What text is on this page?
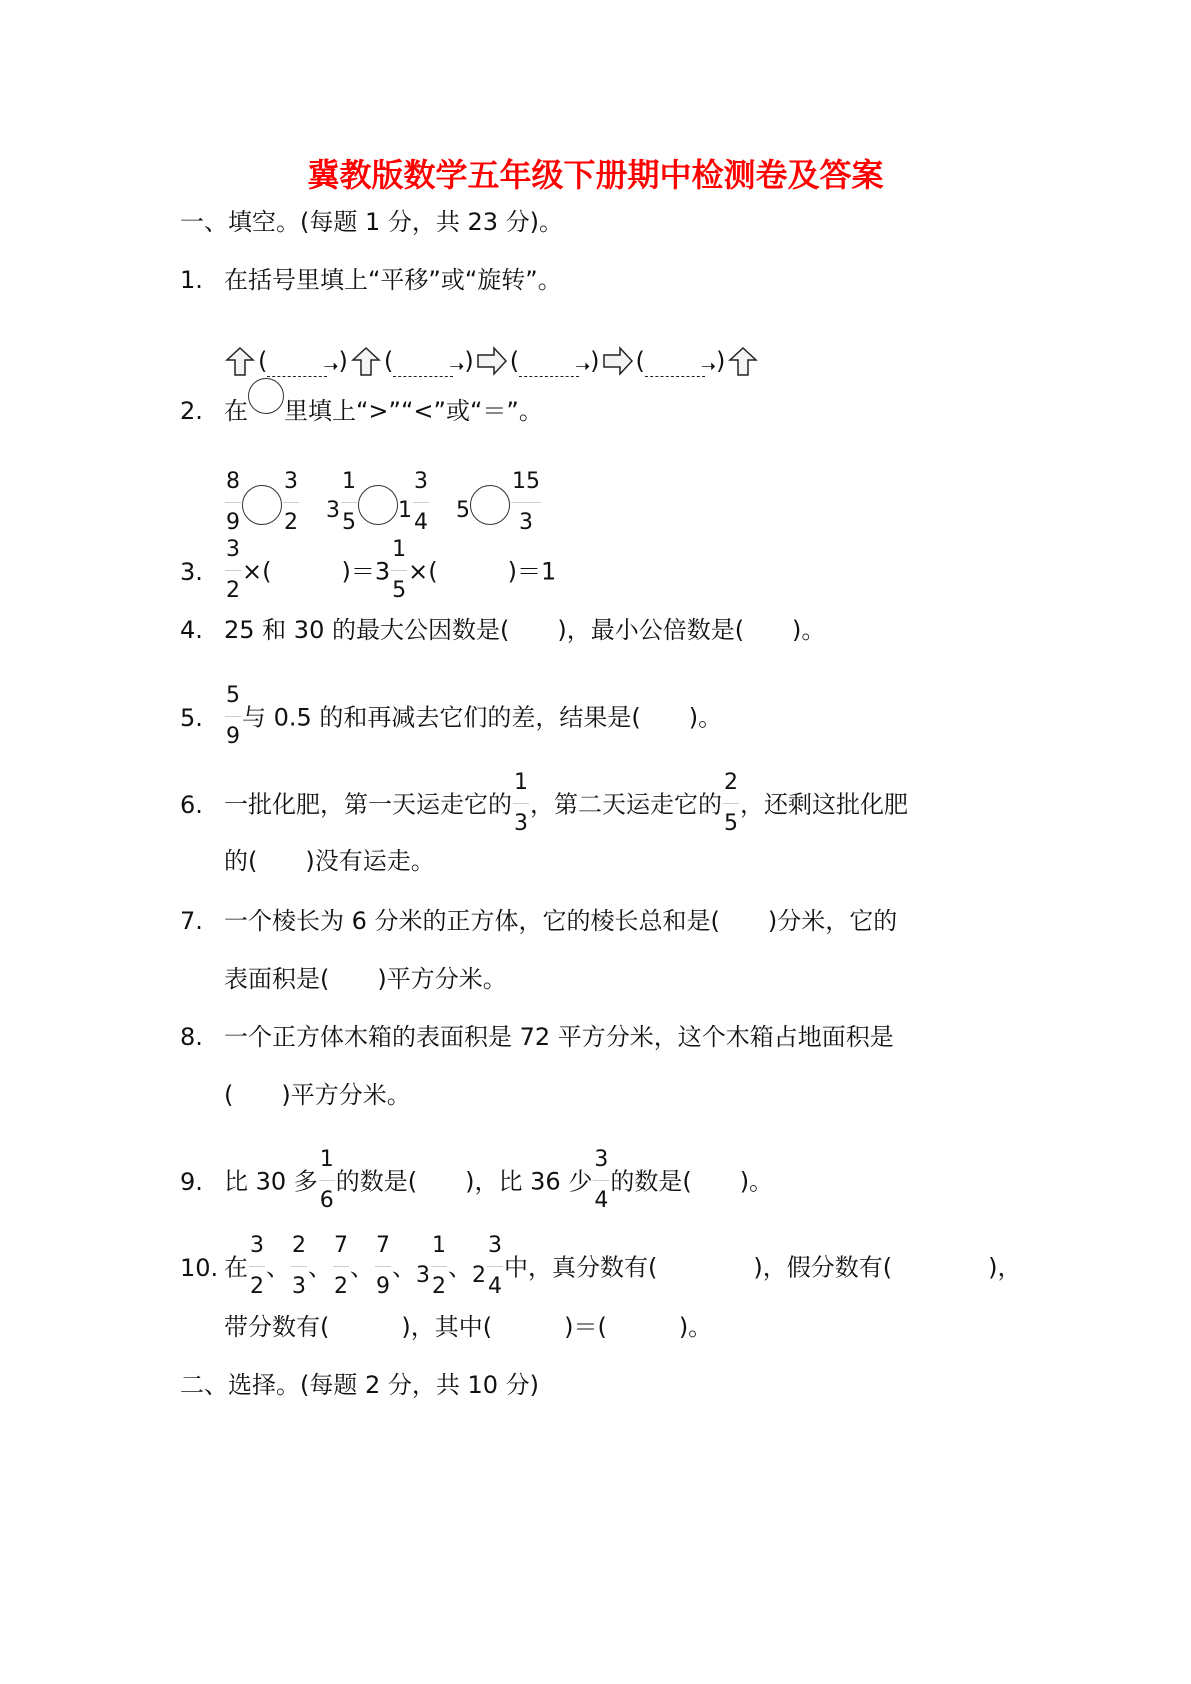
冀教版数学五年级下册期中检测卷及答案
一、填空。(每题 1 分，共 23 分)。
1. 在括号里填上“平移”或“旋转”。
(	➝ ) (	➝ ) (	➝ ) (	➝ )
2. 在 里填上“>”“<”或“＝”。
$\frac{8}{9} \frac{3}{2} 3 \frac{1}{5} 1 \frac{3}{4} 5 \frac{15}{3}$
3. $\frac{3}{2}$ ×(	)$=3 \frac{1}{5}$ ×(	)＝1
4. 25 和 30 的最大公因数是(　　)，最小公倍数是(　　)。
5. $\frac{5}{9}$ 与 0.5 的和再减去它们的差，结果是(　　)。
6. 一批化肥，第一天运走它的 $\frac{1}{3}$ ，第二天运走它的 $\frac{2}{5}$ ，还剩这批化肥
的(　　)没有运走。
7. 一个棱长为 6 分米的正方体，它的棱长总和是(　　)分米，它的
表面积是(　　)平方分米。
8. 一个正方体木箱的表面积是 72 平方分米，这个木箱占地面积是
(　　)平方分米。
9. 比 30 多 $\frac{1}{6}$ 的数是(　　)，比 36 少 $\frac{3}{4}$ 的数是(　　)。
10. 在 $\frac{3}{2}$ 、 $\frac{2}{3}$ 、 $\frac{7}{2}$ 、 $\frac{7}{9}$ 、$3 \frac{1}{2}$ 、$2 \frac{3}{4}$ 中，真分数有(　　　　)，假分数有(　　　　)，
带分数有(　　　)，其中(　　　)＝(　　　)。
二、选择。(每题 2 分，共 10 分)
